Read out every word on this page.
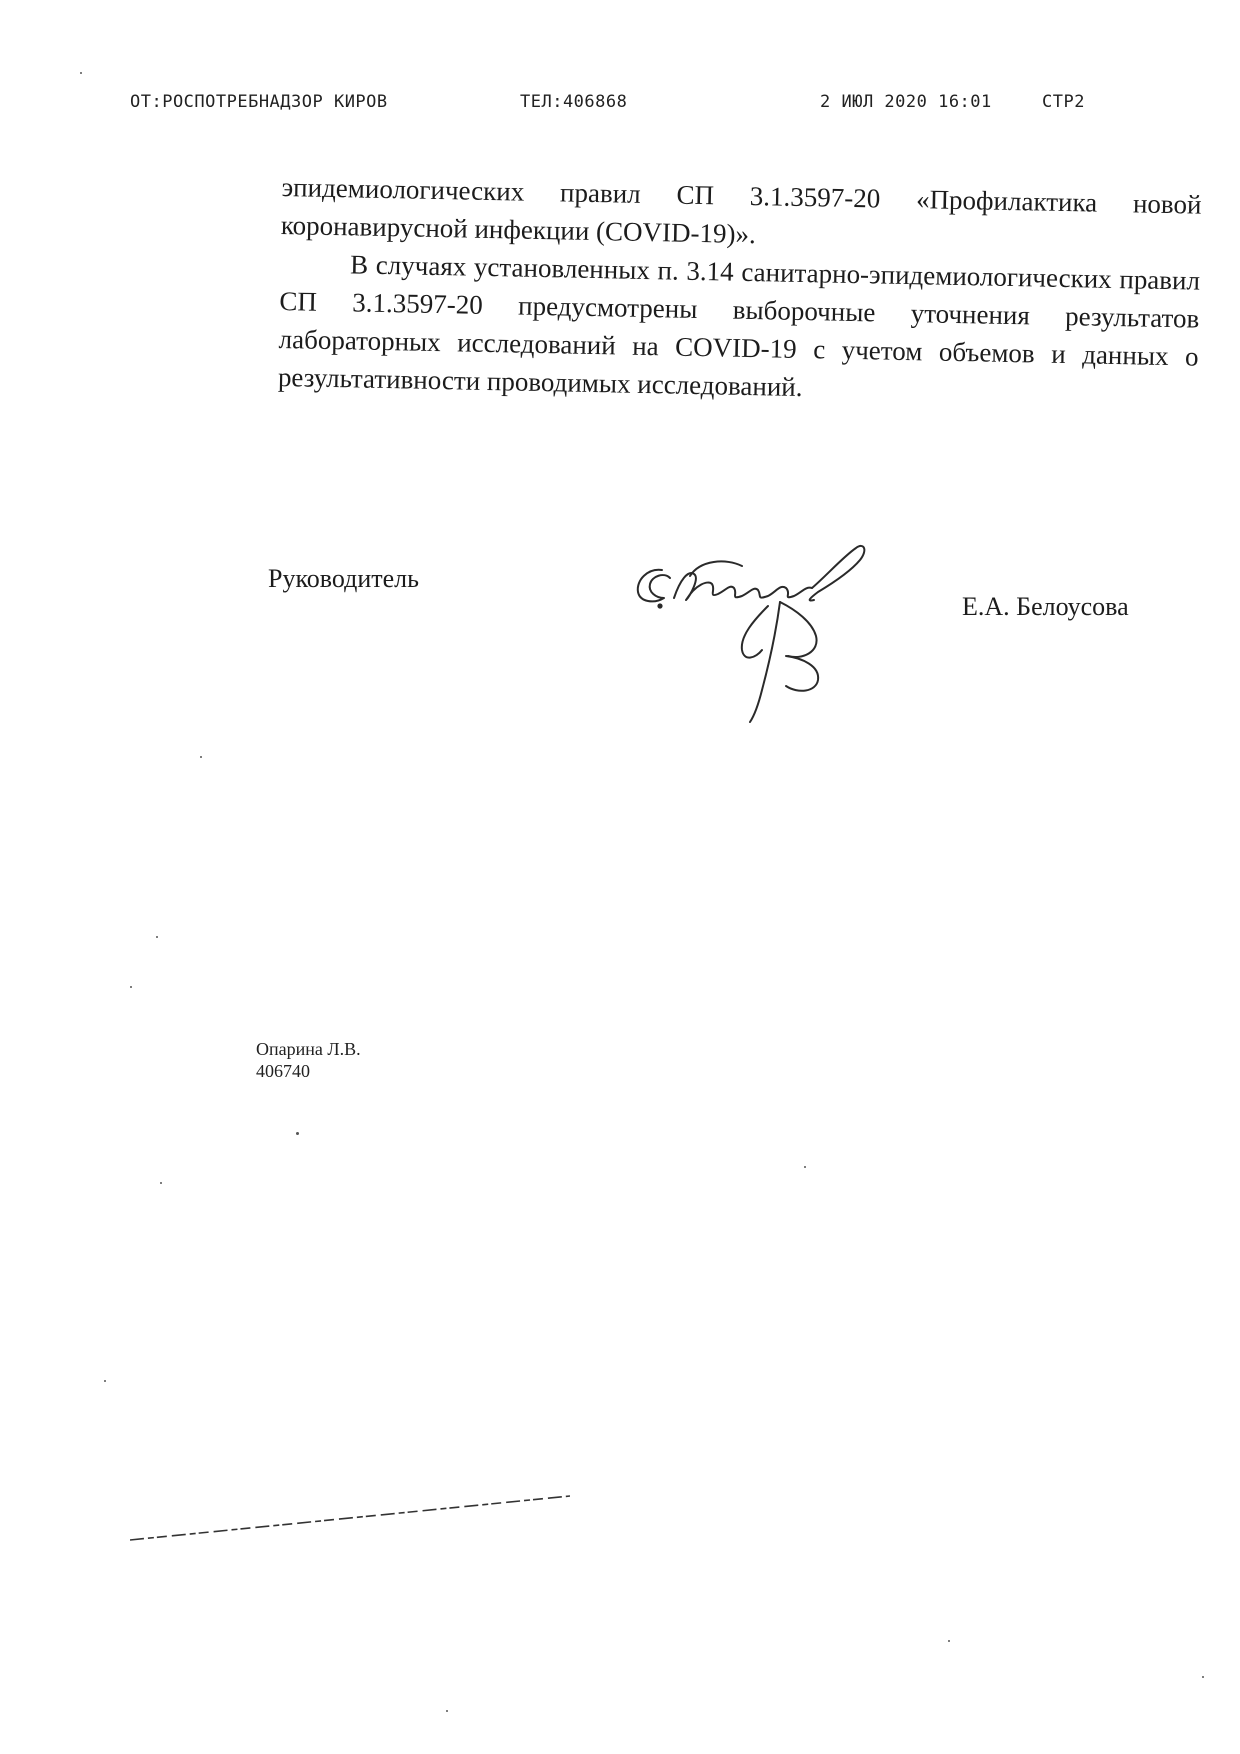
ОТ:РОСПОТРЕБНАДЗОР КИРОВ	ТЕЛ:406868	2 ИЮЛ 2020 16:01	СТР2

эпидемиологических правил СП 3.1.3597-20 «Профилактика новой коронавирусной инфекции (COVID-19)».

В случаях установленных п. 3.14 санитарно-эпидемиологических правил СП 3.1.3597-20 предусмотрены выборочные уточнения результатов лабораторных исследований на COVID-19 с учетом объемов и данных о результативности проводимых исследований.

Руководитель
Е.А. Белоусова
Опарина Л.В.
406740
